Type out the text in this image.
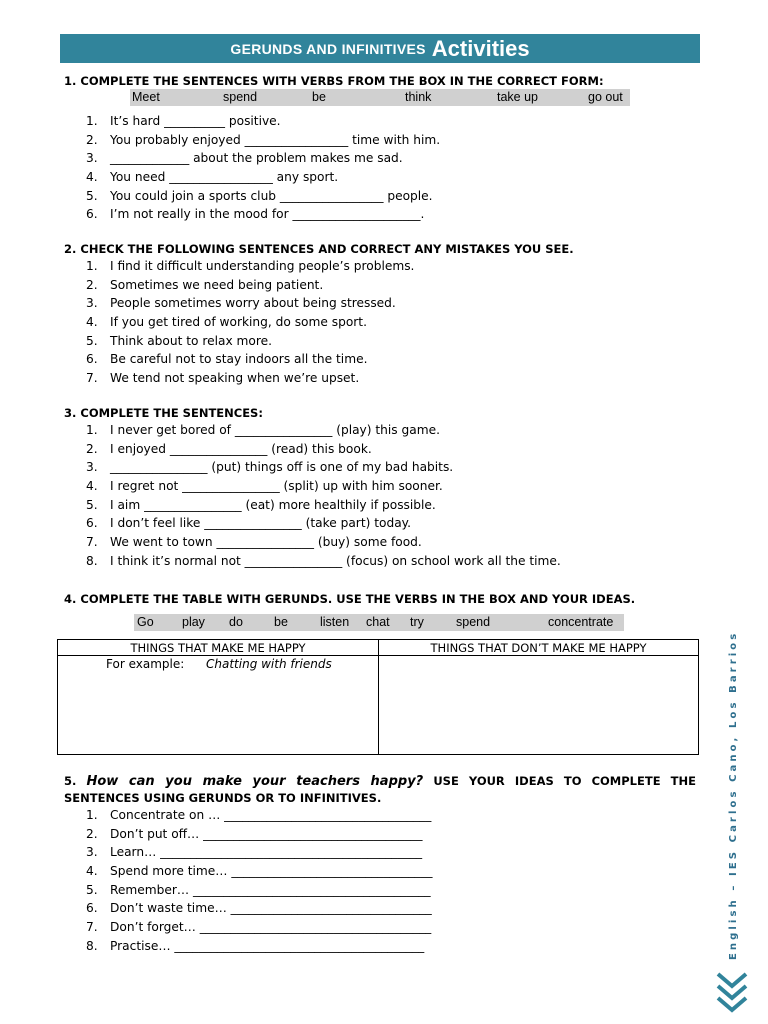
GERUNDS AND INFINITIVES Activities
1. COMPLETE THE SENTENCES WITH VERBS FROM THE BOX IN THE CORRECT FORM:
Meet	spend	be	think	take up	go out
1.	It’s hard __________ positive.
2.	You probably enjoyed _________________ time with him.
3.	_____________ about the problem makes me sad.
4.	You need _________________ any sport.
5.	You could join a sports club _________________ people.
6.	I’m not really in the mood for _____________________.
2. CHECK THE FOLLOWING SENTENCES AND CORRECT ANY MISTAKES YOU SEE.
1.	I find it difficult understanding people’s problems.
2.	Sometimes we need being patient.
3.	People sometimes worry about being stressed.
4.	If you get tired of working, do some sport.
5.	Think about to relax more.
6.	Be careful not to stay indoors all the time.
7.	We tend not speaking when we’re upset.
3. COMPLETE THE SENTENCES:
1.	I never get bored of ________________ (play) this game.
2.	I enjoyed ________________ (read) this book.
3.	________________ (put) things off is one of my bad habits.
4.	I regret not ________________ (split) up with him sooner.
5.	I aim ________________ (eat) more healthily if possible.
6.	I don’t feel like ________________ (take part) today.
7.	We went to town ________________ (buy) some food.
8.	I think it’s normal not ________________ (focus) on school work all the time.
4. COMPLETE THE TABLE WITH GERUNDS. USE THE VERBS IN THE BOX AND YOUR IDEAS.
Go play do be	listen chat try	spend	concentrate
THINGS THAT MAKE ME HAPPY	THINGS THAT DON’T MAKE ME HAPPY

For example: Chatting with friends	

5. How can you make your teachers happy? USE YOUR IDEAS TO COMPLETE THE SENTENCES USING GERUNDS OR TO INFINITIVES.
1.	Concentrate on … __________________________________
2.	Don’t put off… ____________________________________
3.	Learn… ___________________________________________
4.	Spend more time… _________________________________
5.	Remember… _______________________________________
6.	Don’t waste time… _________________________________
7.	Don’t forget… ______________________________________
8.	Practise… _________________________________________	English – IES Carlos Cano, Los Barrios
